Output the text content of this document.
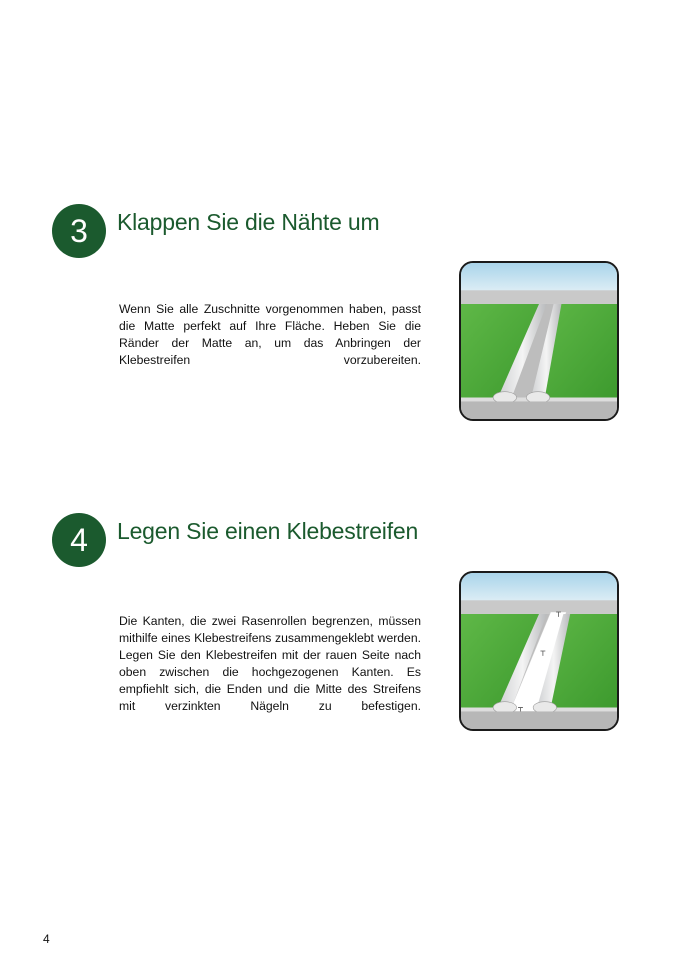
3 Klappen Sie die Nähte um
Wenn Sie alle Zuschnitte vorgenommen haben, passt die Matte perfekt auf Ihre Fläche. Heben Sie die Ränder der Matte an, um das Anbringen der Klebestreifen vorzubereiten.
4 Legen Sie einen Klebestreifen
Die Kanten, die zwei Rasenrollen begrenzen, müssen mithilfe eines Klebestreifens zusammengeklebt werden. Legen Sie den Klebestreifen mit der rauen Seite nach oben zwischen die hochgezogenen Kanten. Es empfiehlt sich, die Enden und die Mitte des Streifens mit verzinkten Nägeln zu befestigen.
4
